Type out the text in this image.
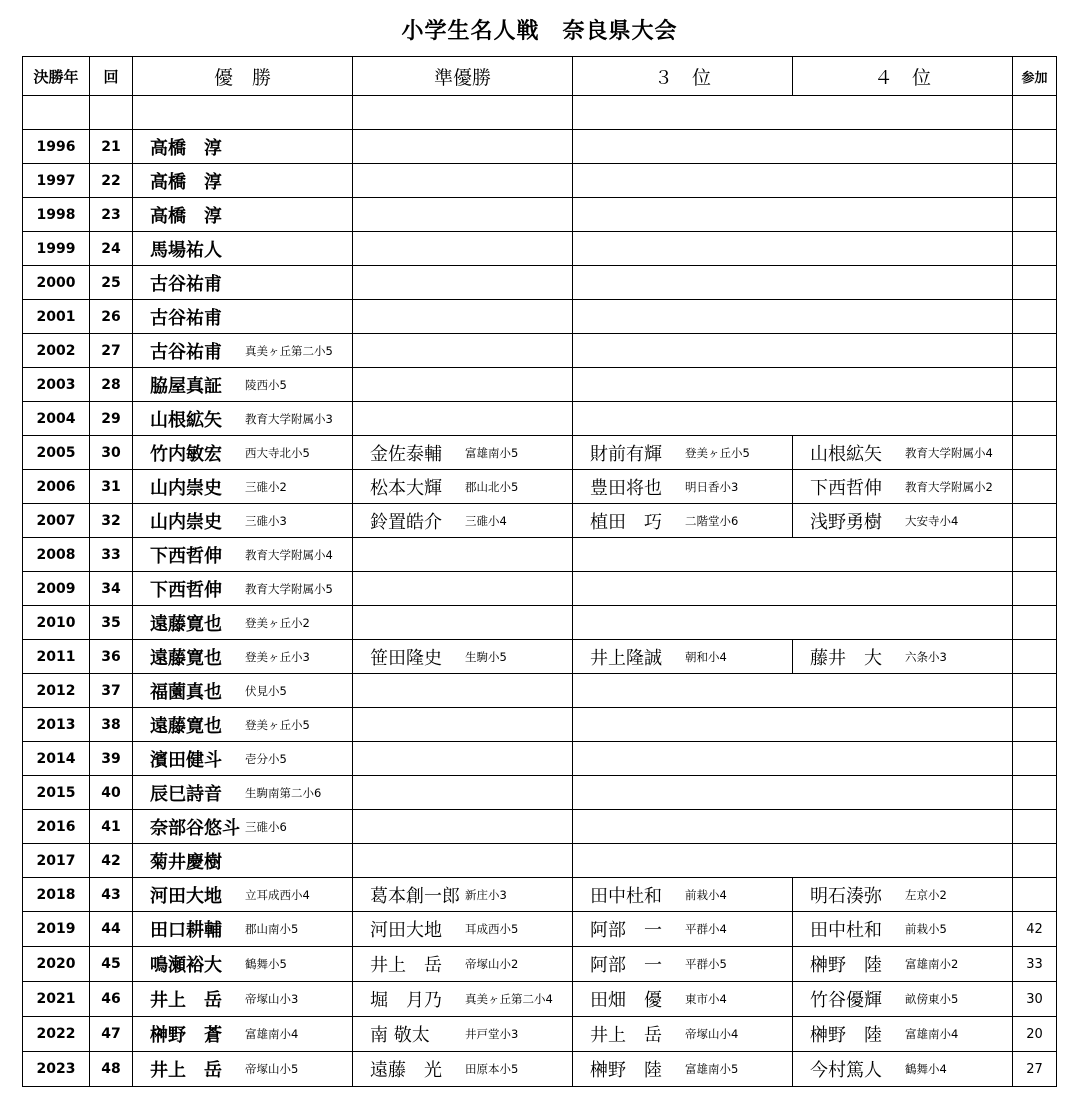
小学生名人戦　奈良県大会
決勝年	回	優　勝	準優勝	３　位	４　位	参加

1996	21	高橋　淳				

1997	22	高橋　淳				

1998	23	高橋　淳				

1999	24	馬場祐人				

2000	25	古谷祐甫				

2001	26	古谷祐甫				

2002	27	古谷祐甫 真美ヶ丘第二小5				

2003	28	脇屋真証 陵西小5				

2004	29	山根絋矢 教育大学附属小3				

2005	30	竹内敏宏 西大寺北小5	金佐泰輔 富雄南小5	財前有輝 登美ヶ丘小5	山根絋矢 教育大学附属小4	

2006	31	山内崇史 三碓小2	松本大輝 郡山北小5	豊田将也 明日香小3	下西哲伸 教育大学附属小2	

2007	32	山内崇史 三碓小3	鈴置皓介 三碓小4	植田　巧 二階堂小6	浅野勇樹 大安寺小4	

2008	33	下西哲伸 教育大学附属小4				

2009	34	下西哲伸 教育大学附属小5				

2010	35	遠藤寛也 登美ヶ丘小2				

2011	36	遠藤寛也 登美ヶ丘小3	笹田隆史 生駒小5	井上隆誠 朝和小4	藤井　大 六条小3	

2012	37	福薗真也 伏見小5				

2013	38	遠藤寛也 登美ヶ丘小5				

2014	39	濱田健斗 壱分小5				

2015	40	辰巳詩音 生駒南第二小6				

2016	41	奈部谷悠斗 三碓小6				

2017	42	菊井慶樹				

2018	43	河田大地 立耳成西小4	葛本創一郎 新庄小3	田中杜和 前栽小4	明石湊弥 左京小2	

2019	44	田口耕輔 郡山南小5	河田大地 耳成西小5	阿部　一 平群小4	田中杜和 前栽小5	42
2020	45	鳴瀬裕大 鶴舞小5	井上　岳 帝塚山小2	阿部　一 平群小5	榊野　陸 富雄南小2	33
2021	46	井上　岳 帝塚山小3	堀　月乃 真美ヶ丘第二小4	田畑　優 東市小4	竹谷優輝 畝傍東小5	30
2022	47	榊野　蒼 富雄南小4	南 敬太 井戸堂小3	井上　岳 帝塚山小4	榊野　陸 富雄南小4	20
2023	48	井上　岳 帝塚山小5	遠藤　光 田原本小5	榊野　陸 富雄南小5	今村篤人 鶴舞小4	27
